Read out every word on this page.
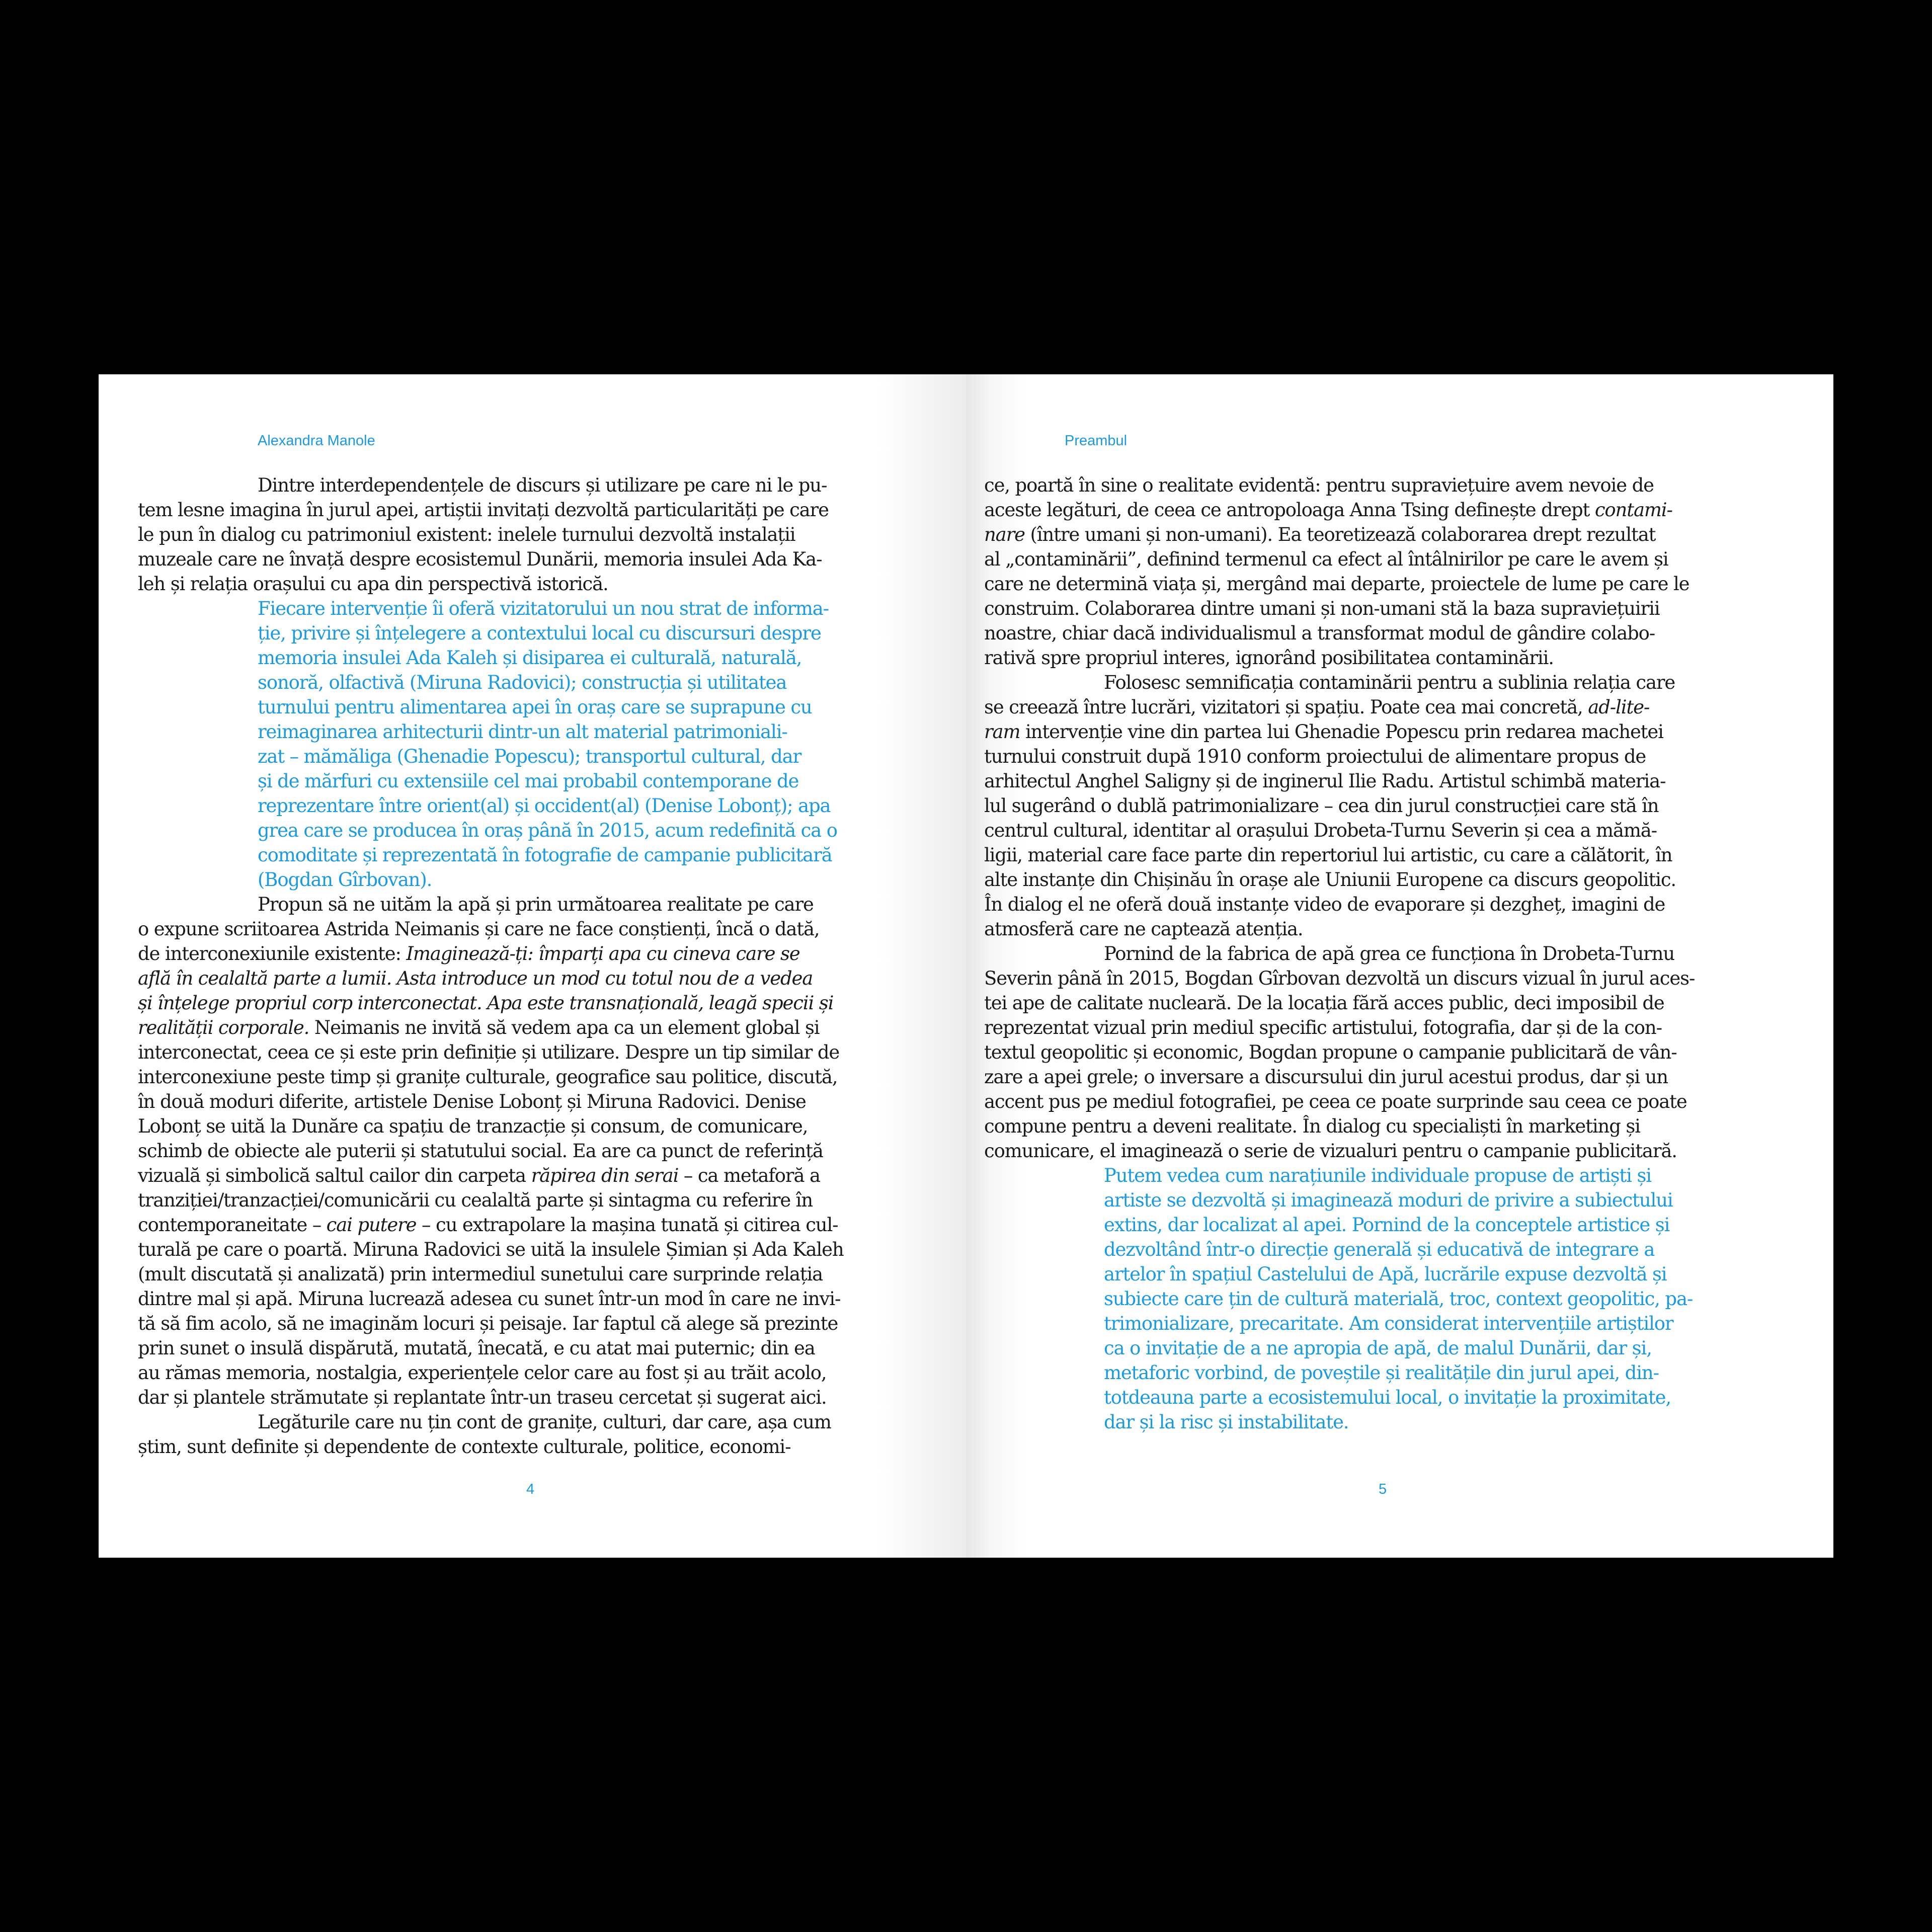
Alexandra Manole
Dintre interdependențele de discurs și utilizare pe care ni le pu-
tem lesne imagina în jurul apei, artiștii invitați dezvoltă particularități pe care
le pun în dialog cu patrimoniul existent: inelele turnului dezvoltă instalații
muzeale care ne învață despre ecosistemul Dunării, memoria insulei Ada Ka-
leh și relația orașului cu apa din perspectivă istorică.
Fiecare intervenție îi oferă vizitatorului un nou strat de informa-
ție, privire și înțelegere a contextului local cu discursuri despre
memoria insulei Ada Kaleh și disiparea ei culturală, naturală,
sonoră, olfactivă (Miruna Radovici); construcția și utilitatea
turnului pentru alimentarea apei în oraș care se suprapune cu
reimaginarea arhitecturii dintr-un alt material patrimoniali-
zat – mămăliga (Ghenadie Popescu); transportul cultural, dar
și de mărfuri cu extensiile cel mai probabil contemporane de
reprezentare între orient(al) și occident(al) (Denise Lobonț); apa
grea care se producea în oraș până în 2015, acum redefinită ca o
comoditate și reprezentată în fotografie de campanie publicitară
(Bogdan Gîrbovan).
Propun să ne uităm la apă și prin următoarea realitate pe care
o expune scriitoarea Astrida Neimanis și care ne face conștienți, încă o dată,
de interconexiunile existente: Imaginează-ți: împarți apa cu cineva care se
află în cealaltă parte a lumii. Asta introduce un mod cu totul nou de a vedea
și înțelege propriul corp interconectat. Apa este transnațională, leagă specii și
realității corporale. Neimanis ne invită să vedem apa ca un element global și
interconectat, ceea ce și este prin definiție și utilizare. Despre un tip similar de
interconexiune peste timp și granițe culturale, geografice sau politice, discută,
în două moduri diferite, artistele Denise Lobonț și Miruna Radovici. Denise
Lobonț se uită la Dunăre ca spațiu de tranzacție și consum, de comunicare,
schimb de obiecte ale puterii și statutului social. Ea are ca punct de referință
vizuală și simbolică saltul cailor din carpeta răpirea din serai – ca metaforă a
tranziției/tranzacției/comunicării cu cealaltă parte și sintagma cu referire în
contemporaneitate – cai putere – cu extrapolare la mașina tunată și citirea cul-
turală pe care o poartă. Miruna Radovici se uită la insulele Șimian și Ada Kaleh
(mult discutată și analizată) prin intermediul sunetului care surprinde relația
dintre mal și apă. Miruna lucrează adesea cu sunet într-un mod în care ne invi-
tă să fim acolo, să ne imaginăm locuri și peisaje. Iar faptul că alege să prezinte
prin sunet o insulă dispărută, mutată, înecată, e cu atat mai puternic; din ea
au rămas memoria, nostalgia, experiențele celor care au fost și au trăit acolo,
dar și plantele strămutate și replantate într-un traseu cercetat și sugerat aici.
Legăturile care nu țin cont de granițe, culturi, dar care, așa cum
știm, sunt definite și dependente de contexte culturale, politice, economi-
4
Preambul
ce, poartă în sine o realitate evidentă: pentru supraviețuire avem nevoie de
aceste legături, de ceea ce antropoloaga Anna Tsing definește drept contami-
nare (între umani și non-umani). Ea teoretizează colaborarea drept rezultat
al „contaminării”, definind termenul ca efect al întâlnirilor pe care le avem și
care ne determină viața și, mergând mai departe, proiectele de lume pe care le
construim. Colaborarea dintre umani și non-umani stă la baza supraviețuirii
noastre, chiar dacă individualismul a transformat modul de gândire colabo-
rativă spre propriul interes, ignorând posibilitatea contaminării.
Folosesc semnificația contaminării pentru a sublinia relația care
se creează între lucrări, vizitatori și spațiu. Poate cea mai concretă, ad-lite-
ram intervenție vine din partea lui Ghenadie Popescu prin redarea machetei
turnului construit după 1910 conform proiectului de alimentare propus de
arhitectul Anghel Saligny și de inginerul Ilie Radu. Artistul schimbă materia-
lul sugerând o dublă patrimonializare – cea din jurul construcției care stă în
centrul cultural, identitar al orașului Drobeta-Turnu Severin și cea a mămă-
ligii, material care face parte din repertoriul lui artistic, cu care a călătorit, în
alte instanțe din Chișinău în orașe ale Uniunii Europene ca discurs geopolitic.
În dialog el ne oferă două instanțe video de evaporare și dezgheț, imagini de
atmosferă care ne captează atenția.
Pornind de la fabrica de apă grea ce funcționa în Drobeta-Turnu
Severin până în 2015, Bogdan Gîrbovan dezvoltă un discurs vizual în jurul aces-
tei ape de calitate nucleară. De la locația fără acces public, deci imposibil de
reprezentat vizual prin mediul specific artistului, fotografia, dar și de la con-
textul geopolitic și economic, Bogdan propune o campanie publicitară de vân-
zare a apei grele; o inversare a discursului din jurul acestui produs, dar și un
accent pus pe mediul fotografiei, pe ceea ce poate surprinde sau ceea ce poate
compune pentru a deveni realitate. În dialog cu specialiști în marketing și
comunicare, el imaginează o serie de vizualuri pentru o campanie publicitară.
Putem vedea cum narațiunile individuale propuse de artiști și
artiste se dezvoltă și imaginează moduri de privire a subiectului
extins, dar localizat al apei. Pornind de la conceptele artistice și
dezvoltând într-o direcție generală și educativă de integrare a
artelor în spațiul Castelului de Apă, lucrările expuse dezvoltă și
subiecte care țin de cultură materială, troc, context geopolitic, pa-
trimonializare, precaritate. Am considerat intervențiile artiștilor
ca o invitație de a ne apropia de apă, de malul Dunării, dar și,
metaforic vorbind, de poveștile și realitățile din jurul apei, din-
totdeauna parte a ecosistemului local, o invitație la proximitate,
dar și la risc și instabilitate.
5
